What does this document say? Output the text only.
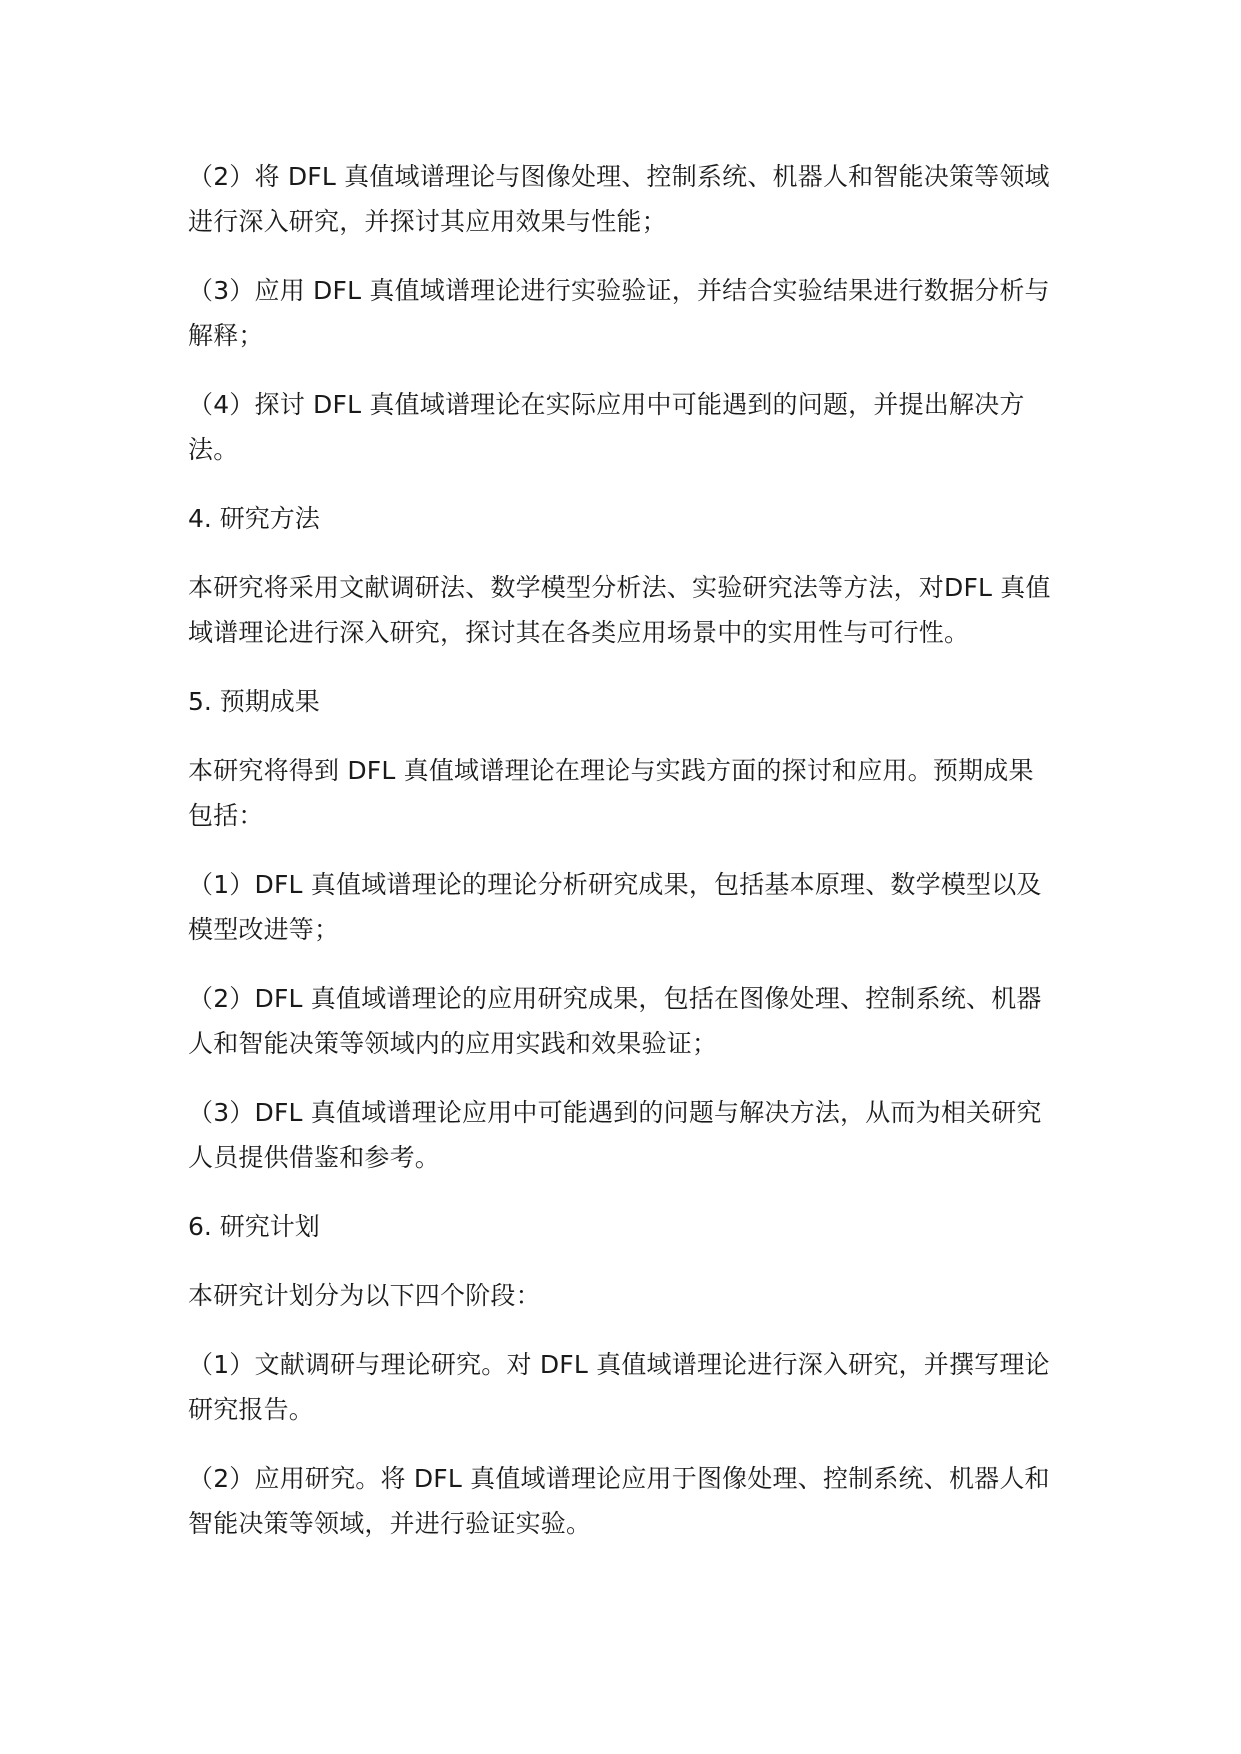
（2）将 DFL 真值域谱理论与图像处理、控制系统、机器人和智能决策等领域进行深入研究，并探讨其应用效果与性能；

（3）应用 DFL 真值域谱理论进行实验验证，并结合实验结果进行数据分析与解释；

（4）探讨 DFL 真值域谱理论在实际应用中可能遇到的问题，并提出解决方法。

4. 研究方法

本研究将采用文献调研法、数学模型分析法、实验研究法等方法，对DFL 真值域谱理论进行深入研究，探讨其在各类应用场景中的实用性与可行性。

5. 预期成果

本研究将得到 DFL 真值域谱理论在理论与实践方面的探讨和应用。预期成果包括：

（1）DFL 真值域谱理论的理论分析研究成果，包括基本原理、数学模型以及模型改进等；

（2）DFL 真值域谱理论的应用研究成果，包括在图像处理、控制系统、机器人和智能决策等领域内的应用实践和效果验证；

（3）DFL 真值域谱理论应用中可能遇到的问题与解决方法，从而为相关研究人员提供借鉴和参考。

6. 研究计划

本研究计划分为以下四个阶段：

（1）文献调研与理论研究。对 DFL 真值域谱理论进行深入研究，并撰写理论研究报告。

（2）应用研究。将 DFL 真值域谱理论应用于图像处理、控制系统、机器人和智能决策等领域，并进行验证实验。
